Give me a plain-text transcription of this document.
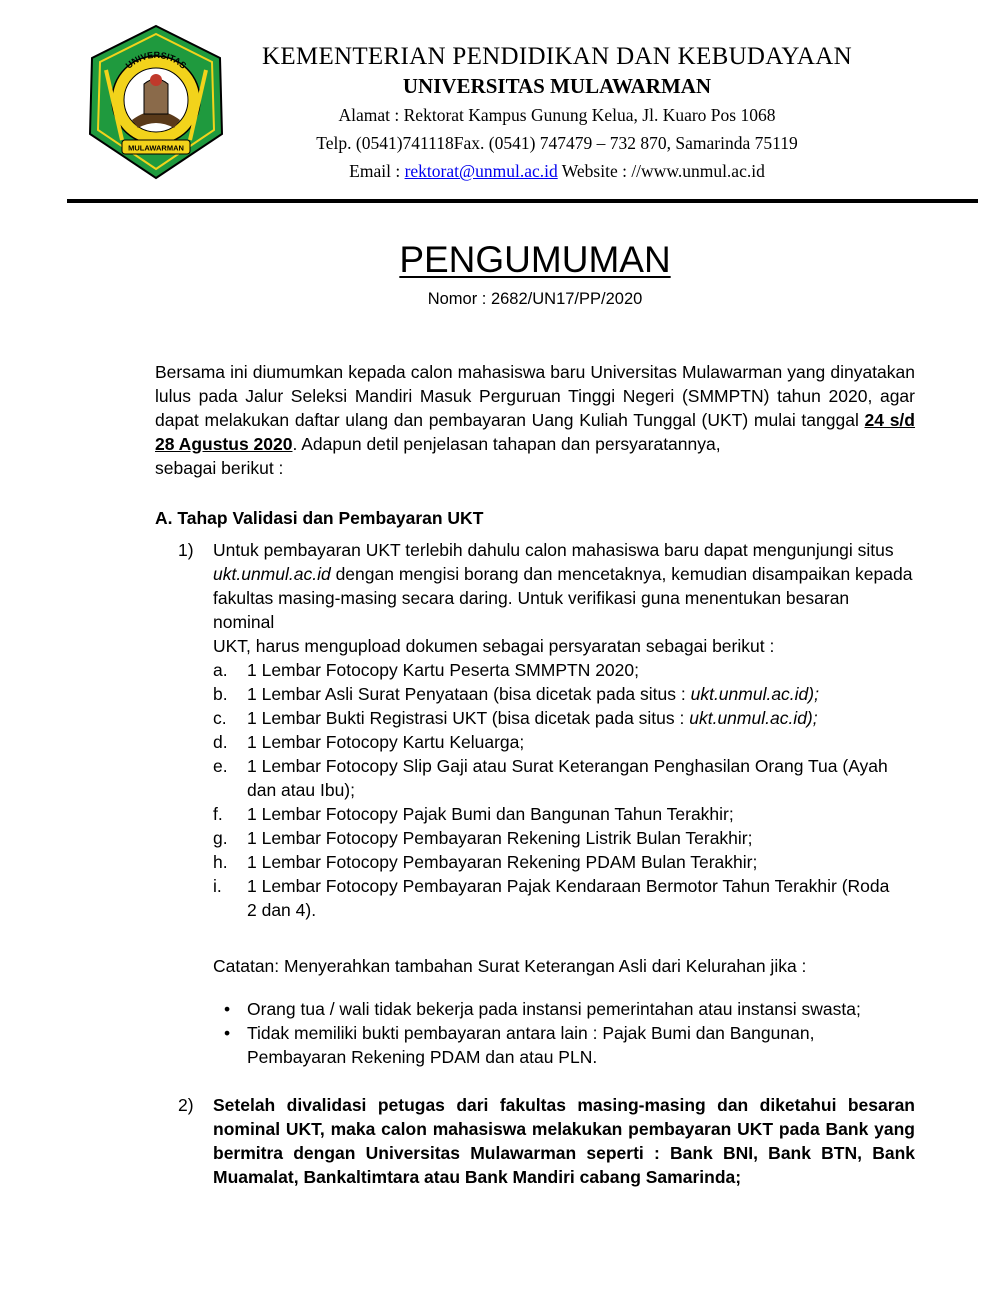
MULAWARMAN
UNIVERSITAS	KEMENTERIAN PENDIDIKAN DAN KEBUDAYAAN
UNIVERSITAS MULAWARMAN
Alamat : Rektorat Kampus Gunung Kelua, Jl. Kuaro Pos 1068
Telp. (0541)741118Fax. (0541) 747479 – 732 870, Samarinda 75119
Email : rektorat@unmul.ac.id Website : //www.unmul.ac.id
PENGUMUMAN
Nomor : 2682/UN17/PP/2020
Bersama ini diumumkan kepada calon mahasiswa baru Universitas Mulawarman yang dinyatakan lulus pada Jalur Seleksi Mandiri Masuk Perguruan Tinggi Negeri (SMMPTN) tahun 2020, agar dapat melakukan daftar ulang dan pembayaran Uang Kuliah Tunggal (UKT) mulai tanggal 24 s/d 28 Agustus 2020. Adapun detil penjelasan tahapan dan persyaratannya,
sebagai berikut :
A. Tahap Validasi dan Pembayaran UKT
1) Untuk pembayaran UKT terlebih dahulu calon mahasiswa baru dapat mengunjungi situs
ukt.unmul.ac.id dengan mengisi borang dan mencetaknya, kemudian disampaikan kepada
fakultas masing-masing secara daring. Untuk verifikasi guna menentukan besaran nominal
UKT, harus mengupload dokumen sebagai persyaratan sebagai berikut :
a. 1 Lembar Fotocopy Kartu Peserta SMMPTN 2020;
b. 1 Lembar Asli Surat Penyataan (bisa dicetak pada situs : ukt.unmul.ac.id);
c. 1 Lembar Bukti Registrasi UKT (bisa dicetak pada situs : ukt.unmul.ac.id);
d. 1 Lembar Fotocopy Kartu Keluarga;
e. 1 Lembar Fotocopy Slip Gaji atau Surat Keterangan Penghasilan Orang Tua (Ayah
dan atau Ibu);
f. 1 Lembar Fotocopy Pajak Bumi dan Bangunan Tahun Terakhir;
g. 1 Lembar Fotocopy Pembayaran Rekening Listrik Bulan Terakhir;
h. 1 Lembar Fotocopy Pembayaran Rekening PDAM Bulan Terakhir;
i. 1 Lembar Fotocopy Pembayaran Pajak Kendaraan Bermotor Tahun Terakhir (Roda
2 dan 4).
Catatan: Menyerahkan tambahan Surat Keterangan Asli dari Kelurahan jika :
• Orang tua / wali tidak bekerja pada instansi pemerintahan atau instansi swasta;
• Tidak memiliki bukti pembayaran antara lain : Pajak Bumi dan Bangunan,
Pembayaran Rekening PDAM dan atau PLN.
2) Setelah divalidasi petugas dari fakultas masing-masing dan diketahui besaran nominal UKT, maka calon mahasiswa melakukan pembayaran UKT pada Bank yang bermitra dengan Universitas Mulawarman seperti : Bank BNI, Bank BTN, Bank Muamalat, Bankaltimtara atau Bank Mandiri cabang Samarinda;
